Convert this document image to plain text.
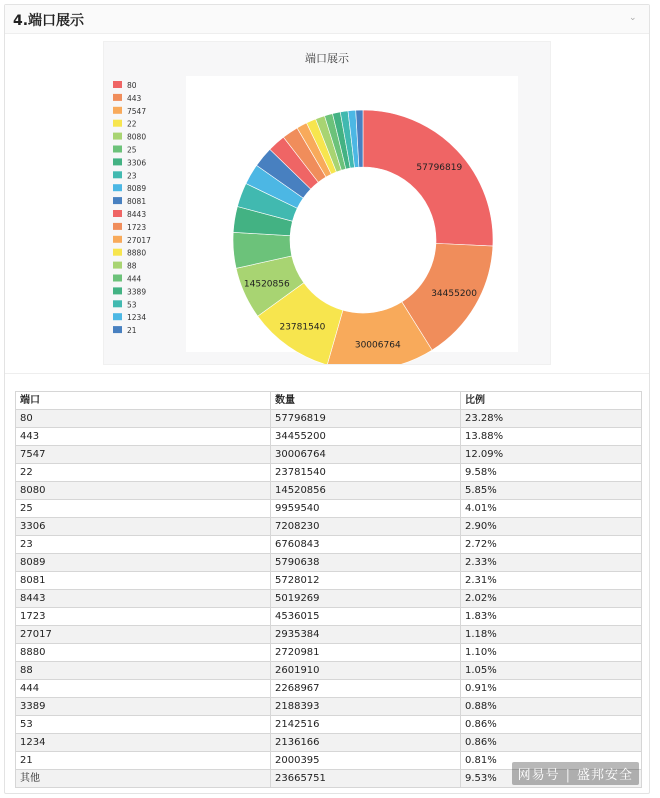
4.端口展示	⌄
端口展示
80
443
7547
22
8080
25
3306
23
8089
8081
8443
1723
27017
8880
88
444
3389
53
1234
21
57796819
34455200
30006764
23781540
14520856
端口	数量	比例
80	57796819	23.28%
443	34455200	13.88%
7547	30006764	12.09%
22	23781540	9.58%
8080	14520856	5.85%
25	9959540	4.01%
3306	7208230	2.90%
23	6760843	2.72%
8089	5790638	2.33%
8081	5728012	2.31%
8443	5019269	2.02%
1723	4536015	1.83%
27017	2935384	1.18%
8880	2720981	1.10%
88	2601910	1.05%
444	2268967	0.91%
3389	2188393	0.88%
53	2142516	0.86%
1234	2136166	0.86%
21	2000395	0.81%
其他	23665751	9.53%	网易号 | 盛邦安全
